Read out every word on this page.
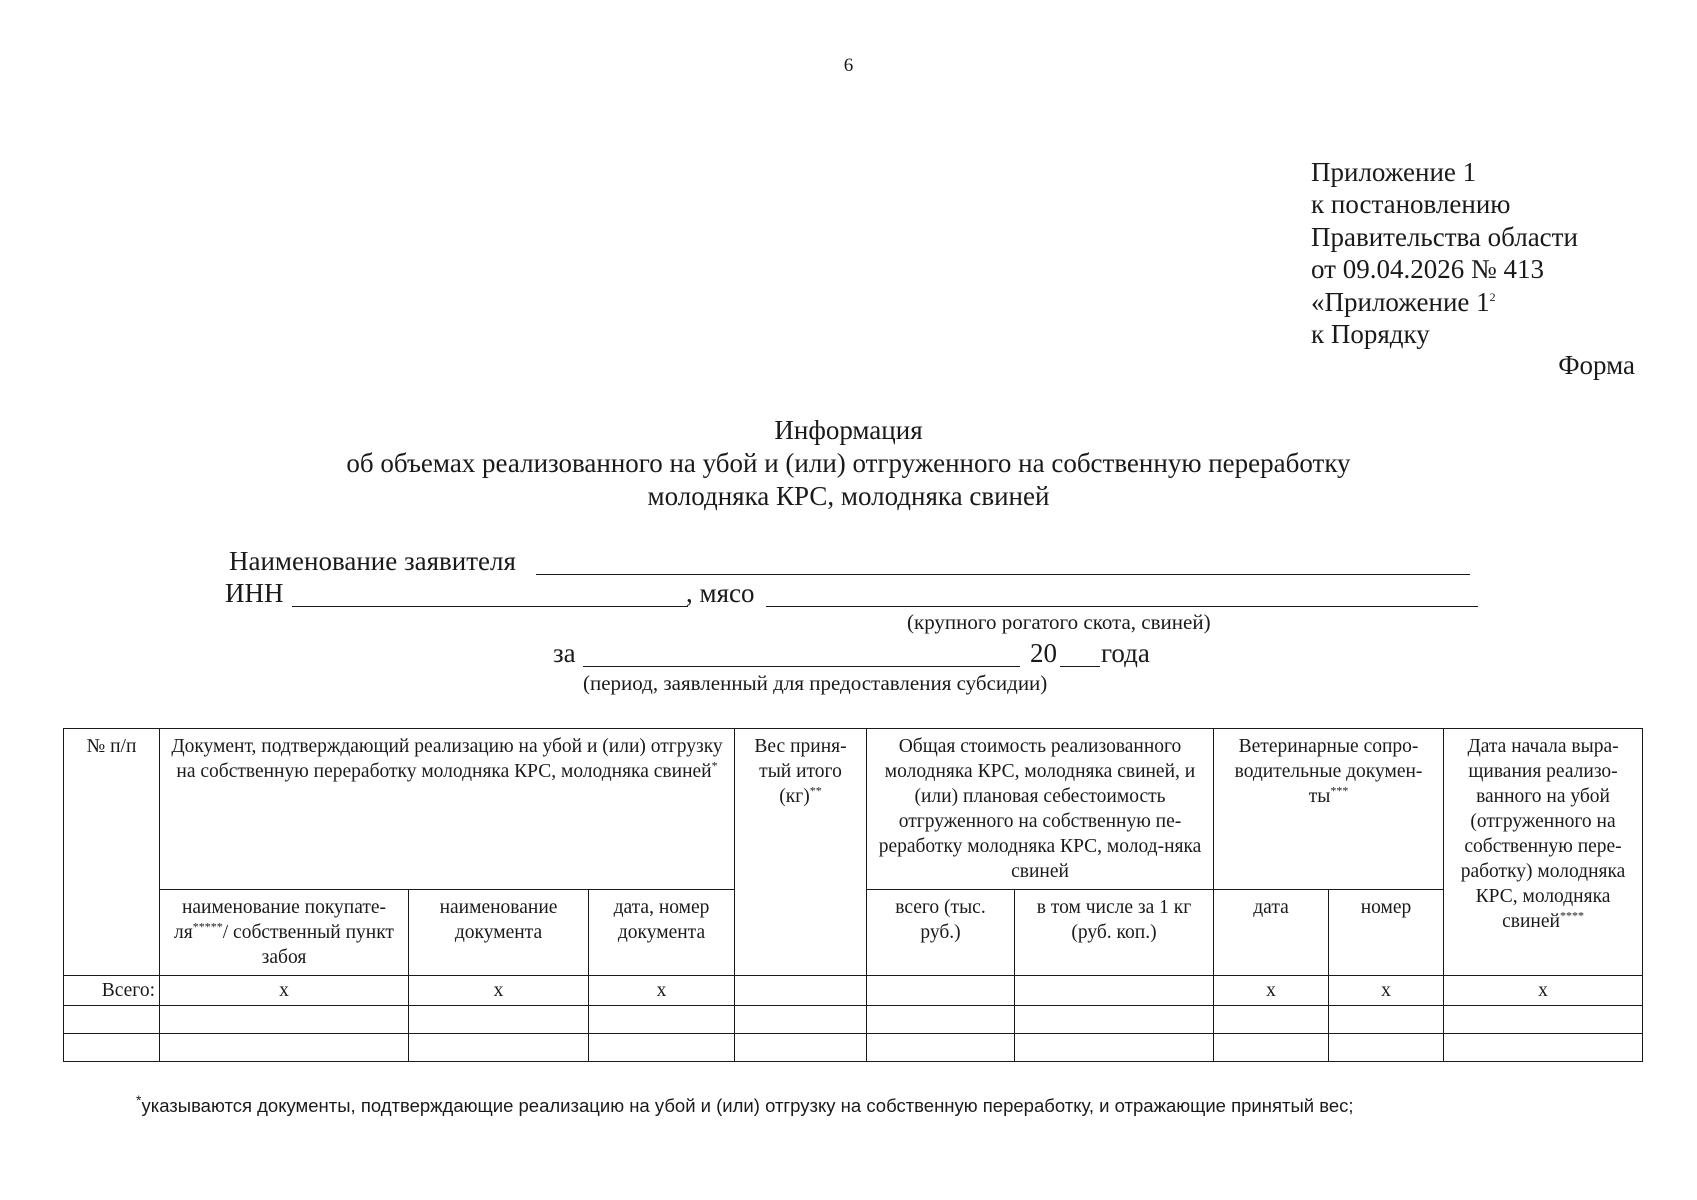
6
Приложение 1
к постановлению
Правительства области
от 09.04.2026 № 413
«Приложение $1^2$
к Порядку
Форма
Информация
об объемах реализованного на убой и (или) отгруженного на собственную переработку
молодняка КРС, молодняка свиней
Наименование заявителя
ИНН	, мясо
(крупного рогатого скота, свиней)
за	20 года
(период, заявленный для предоставления субсидии)
№ п/п	Документ, подтверждающий реализацию на убой и (или) отгрузку на собственную переработку молодняка КРС, молодняка свиней*			Вес приня-тый итого (кг)**	Общая стоимость реализованного молодняка КРС, молодняка свиней, и (или) плановая себестоимость отгруженного на собственную пе-реработку молодняка КРС, молод-няка свиней		Ветеринарные сопро-водительные докумен-ты***		Дата начала выра-щивания реализо-ванного на убой (отгруженного на собственную пере-работку) молодняка КРС, молодняка свиней****
	наименование покупате-ля*****/ собственный пункт забоя	наименование документа	дата, номер документа		всего (тыс. руб.)	в том числе за 1 кг (руб. коп.)	дата	номер	
Всего:	х	х	х				х	х	х

*указываются документы, подтверждающие реализацию на убой и (или) отгрузку на собственную переработку, и отражающие принятый вес;
